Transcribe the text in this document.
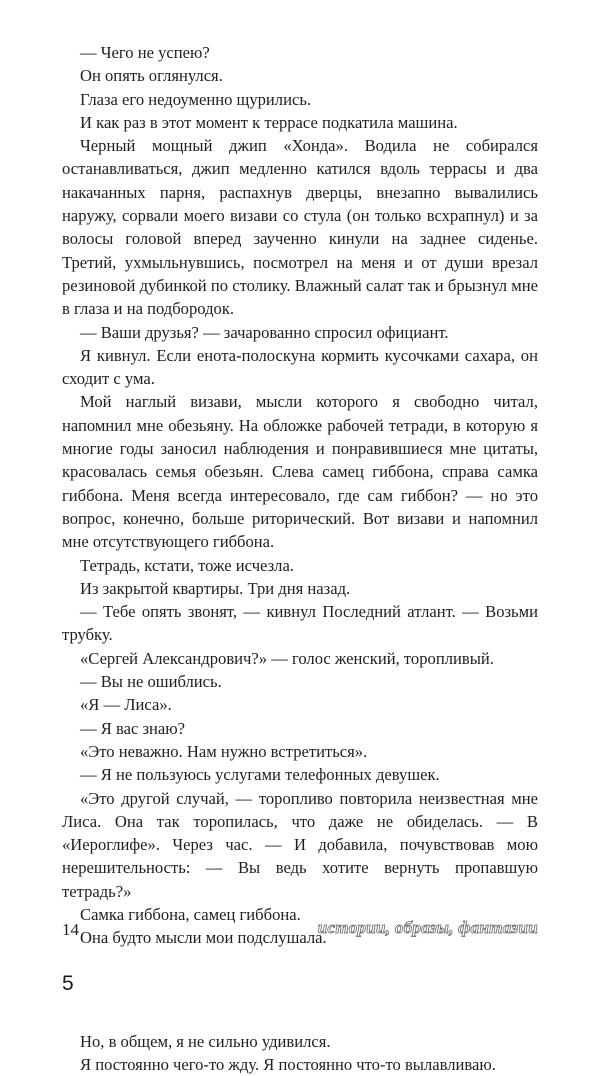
— Чего не успею?

Он опять оглянулся.

Глаза его недоуменно щурились.

И как раз в этот момент к террасе подкатила машина.

Черный мощный джип «Хонда». Водила не собирался останавливаться, джип медленно катился вдоль террасы и два накачанных парня, распахнув дверцы, внезапно вывалились наружу, сорвали моего визави со стула (он только всхрапнул) и за волосы головой вперед заученно кинули на заднее сиденье. Третий, ухмыльнувшись, посмотрел на меня и от души врезал резиновой дубинкой по столику. Влажный салат так и брызнул мне в глаза и на подбородок.

— Ваши друзья? — зачарованно спросил официант.

Я кивнул. Если енота-полоскуна кормить кусочками сахара, он сходит с ума.

Мой наглый визави, мысли которого я свободно читал, напомнил мне обезьяну. На обложке рабочей тетради, в которую я многие годы заносил наблюдения и понравившиеся мне цитаты, красовалась семья обезьян. Слева самец гиббона, справа самка гиббона. Меня всегда интересовало, где сам гиббон? — но это вопрос, конечно, больше риторический. Вот визави и напомнил мне отсутствующего гиббона.

Тетрадь, кстати, тоже исчезла.

Из закрытой квартиры. Три дня назад.

— Тебе опять звонят, — кивнул Последний атлант. — Возьми трубку.

«Сергей Александрович?» — голос женский, торопливый.

— Вы не ошиблись.

«Я — Лиса».

— Я вас знаю?

«Это неважно. Нам нужно встретиться».

— Я не пользуюсь услугами телефонных девушек.

«Это другой случай, — торопливо повторила неизвестная мне Лиса. Она так торопилась, что даже не обиделась. — В «Иероглифе». Через час. — И добавила, почувствовав мою нерешительность: — Вы ведь хотите вернуть пропавшую тетрадь?»

Самка гиббона, самец гиббона.

Она будто мысли мои подслушала.

5

Но, в общем, я не сильно удивился.

Я постоянно чего-то жду. Я постоянно что-то вылавливаю.

14	истории, образы, фантазии
